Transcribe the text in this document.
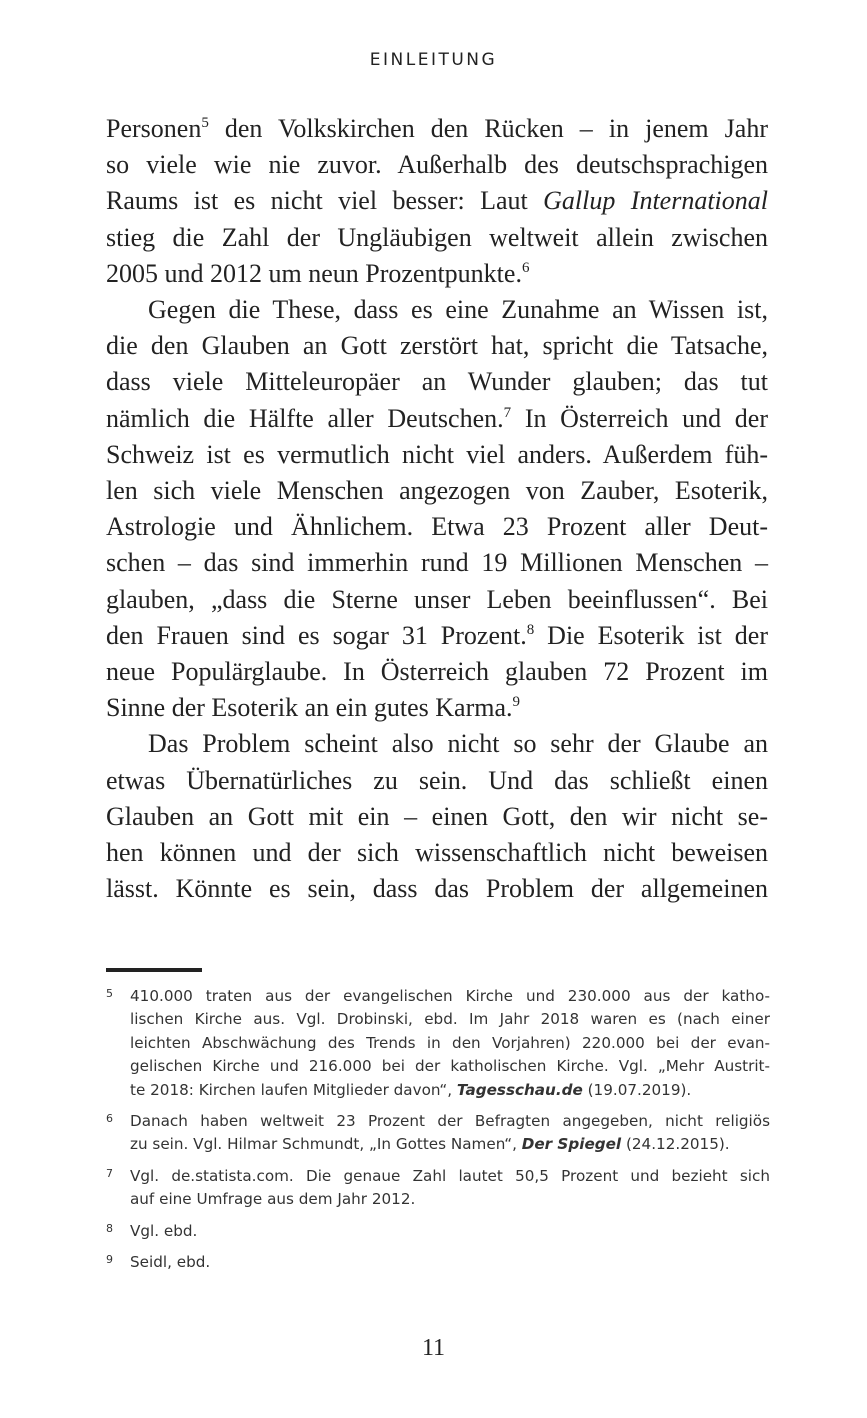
EINLEITUNG

Personen$^5$ den Volkskirchen den Rücken – in jenem Jahr
so viele wie nie zuvor. Außerhalb des deutschsprachigen
Raums ist es nicht viel besser: Laut Gallup International
stieg die Zahl der Ungläubigen weltweit allein zwischen
2005 und 2012 um neun Prozentpunkte.$^6$

Gegen die These, dass es eine Zunahme an Wissen ist,
die den Glauben an Gott zerstört hat, spricht die Tatsache,
dass viele Mitteleuropäer an Wunder glauben; das tut
nämlich die Hälfte aller Deutschen.$^7$ In Österreich und der
Schweiz ist es vermutlich nicht viel anders. Außerdem füh-
len sich viele Menschen angezogen von Zauber, Esoterik,
Astrologie und Ähnlichem. Etwa 23 Prozent aller Deut-
schen – das sind immerhin rund 19 Millionen Menschen –
glauben, „dass die Sterne unser Leben beeinflussen“. Bei
den Frauen sind es sogar 31 Prozent.$^8$ Die Esoterik ist der
neue Populärglaube. In Österreich glauben 72 Prozent im
Sinne der Esoterik an ein gutes Karma.$^9$

Das Problem scheint also nicht so sehr der Glaube an
etwas Übernatürliches zu sein. Und das schließt einen
Glauben an Gott mit ein – einen Gott, den wir nicht se-
hen können und der sich wissenschaftlich nicht beweisen
lässt. Könnte es sein, dass das Problem der allgemeinen

5 410.000 traten aus der evangelischen Kirche und 230.000 aus der katho-
lischen Kirche aus. Vgl. Drobinski, ebd. Im Jahr 2018 waren es (nach einer
leichten Abschwächung des Trends in den Vorjahren) 220.000 bei der evan-
gelischen Kirche und 216.000 bei der katholischen Kirche. Vgl. „Mehr Austrit-
te 2018: Kirchen laufen Mitglieder davon“, Tagesschau.de (19.07.2019).
6 Danach haben weltweit 23 Prozent der Befragten angegeben, nicht religiös
zu sein. Vgl. Hilmar Schmundt, „In Gottes Namen“, Der Spiegel (24.12.2015).
7 Vgl. de.statista.com. Die genaue Zahl lautet 50,5 Prozent und bezieht sich
auf eine Umfrage aus dem Jahr 2012.
8 Vgl. ebd.
9 Seidl, ebd.
11
